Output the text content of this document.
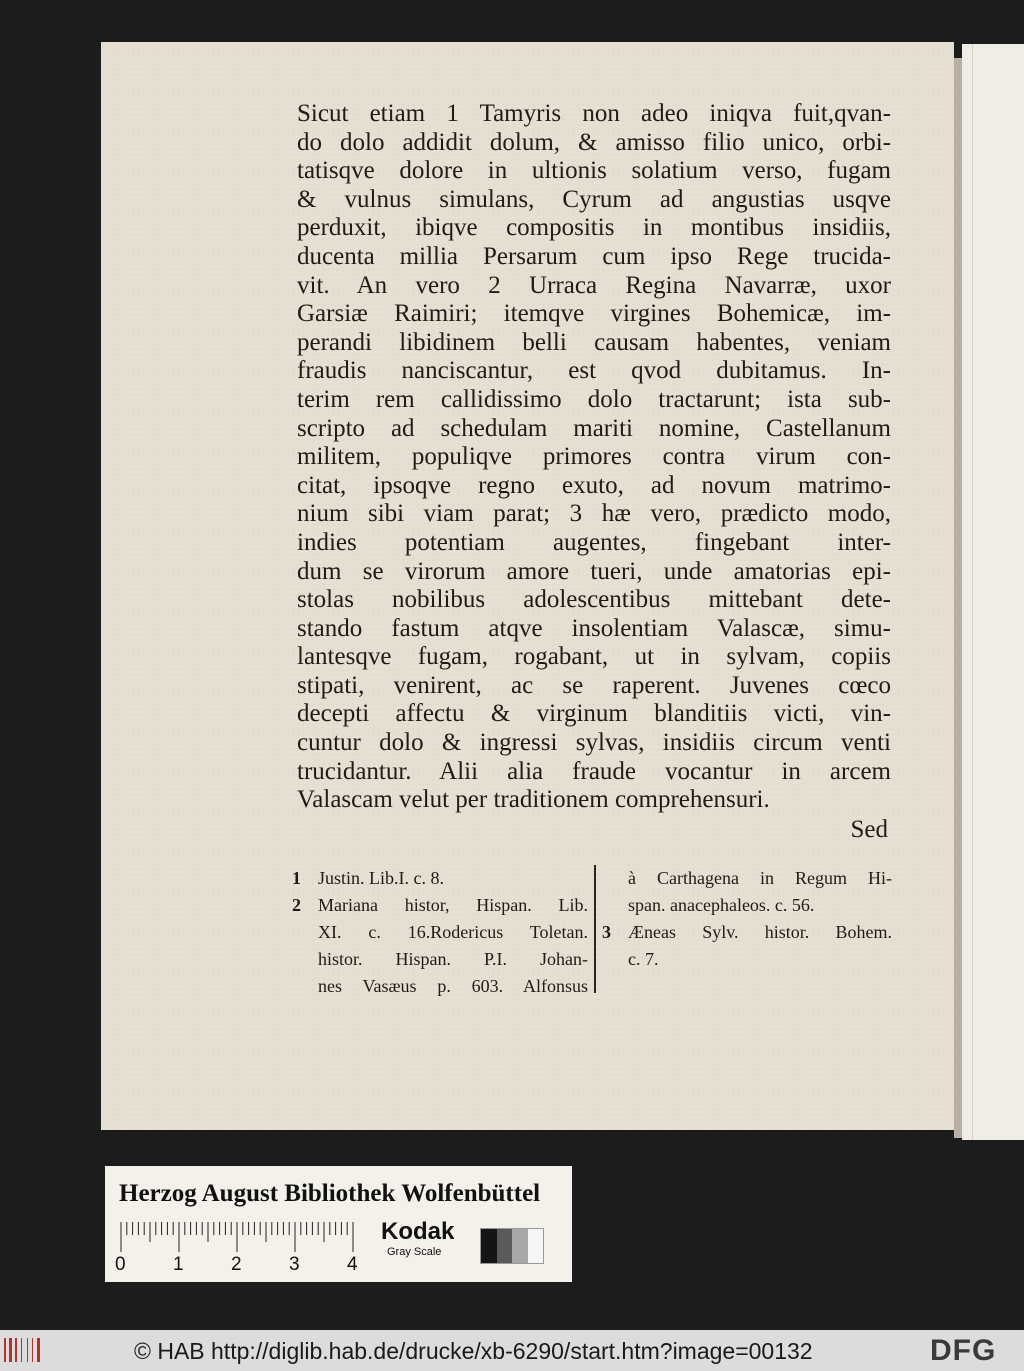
Sicut etiam 1 Tamyris non adeo iniqva fuit,qvan-
do dolo addidit dolum, & amisso filio unico, orbi-
tatisqve dolore in ultionis solatium verso, fugam
& vulnus simulans, Cyrum ad angustias usqve
perduxit, ibiqve compositis in montibus insidiis,
ducenta millia Persarum cum ipso Rege trucida-
vit. An vero 2 Urraca Regina Navarræ, uxor
Garsiæ Raimiri; itemqve virgines Bohemicæ, im-
perandi libidinem belli causam habentes, veniam
fraudis nanciscantur, est qvod dubitamus. In-
terim rem callidissimo dolo tractarunt; ista sub-
scripto ad schedulam mariti nomine, Castellanum
militem, populiqve primores contra virum con-
citat, ipsoqve regno exuto, ad novum matrimo-
nium sibi viam parat; 3 hæ vero, prædicto modo,
indies potentiam augentes, fingebant inter-
dum se virorum amore tueri, unde amatorias epi-
stolas nobilibus adolescentibus mittebant dete-
stando fastum atqve insolentiam Valascæ, simu-
lantesqve fugam, rogabant, ut in sylvam, copiis
stipati, venirent, ac se raperent. Juvenes cœco
decepti affectu & virginum blanditiis victi, vin-
cuntur dolo & ingressi sylvas, insidiis circum venti
trucidantur. Alii alia fraude vocantur in arcem
Valascam velut per traditionem comprehensuri.
Sed
1 Justin. Lib.I. c. 8.
2 Mariana histor, Hispan. Lib.
XI. c. 16.Rodericus Toletan.
histor. Hispan. P.I. Johan-
nes Vasæus p. 603. Alfonsus
à Carthagena in Regum Hi-
span. anacephaleos. c. 56.
3 Æneas Sylv. histor. Bohem.
c. 7.
Herzog August Bibliothek Wolfenbüttel
0 1 2 3 4
Kodak
Gray Scale
© HAB http://diglib.hab.de/drucke/xb-6290/start.htm?image=00132	DFG
